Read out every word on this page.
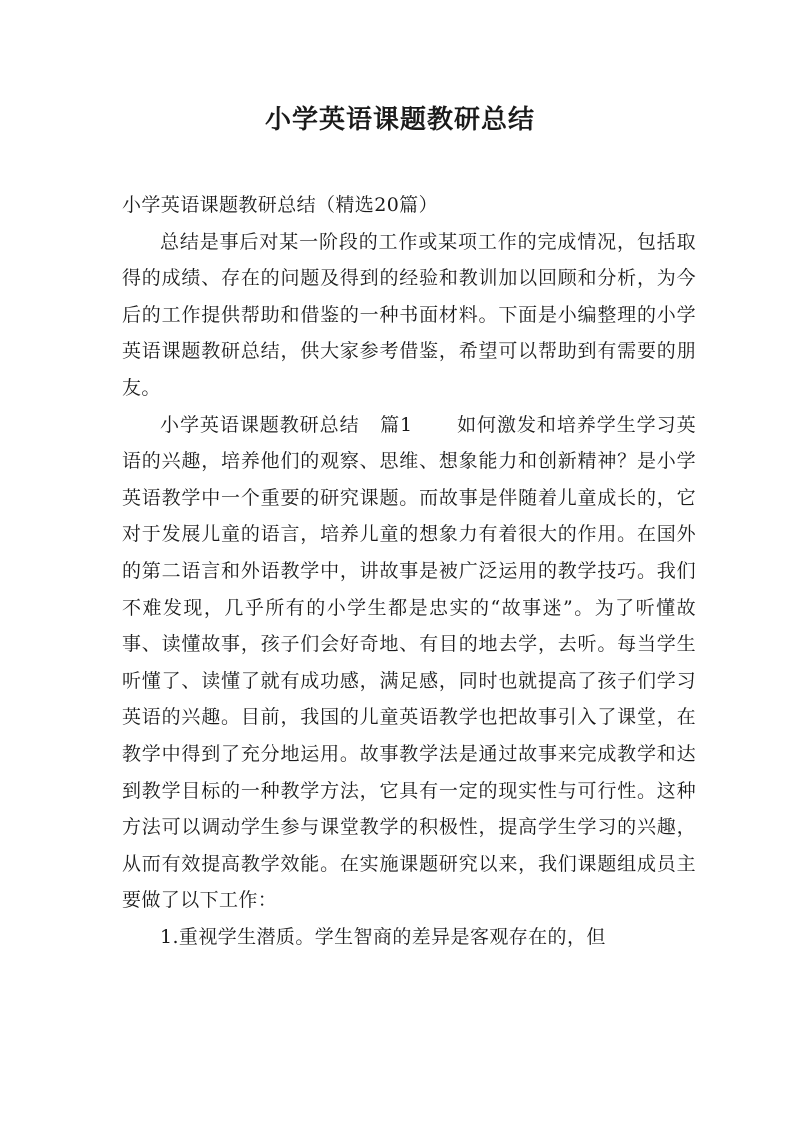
小学英语课题教研总结

小学英语课题教研总结（精选20篇）

总结是事后对某一阶段的工作或某项工作的完成情况，包括取得的成绩、存在的问题及得到的经验和教训加以回顾和分析，为今后的工作提供帮助和借鉴的一种书面材料。下面是小编整理的小学英语课题教研总结，供大家参考借鉴，希望可以帮助到有需要的朋友。

小学英语课题教研总结 篇1 如何激发和培养学生学习英语的兴趣，培养他们的观察、思维、想象能力和创新精神？是小学英语教学中一个重要的研究课题。而故事是伴随着儿童成长的，它对于发展儿童的语言，培养儿童的想象力有着很大的作用。在国外的第二语言和外语教学中，讲故事是被广泛运用的教学技巧。我们不难发现，几乎所有的小学生都是忠实的“故事迷”。为了听懂故事、读懂故事，孩子们会好奇地、有目的地去学，去听。每当学生听懂了、读懂了就有成功感，满足感，同时也就提高了孩子们学习英语的兴趣。目前，我国的儿童英语教学也把故事引入了课堂，在教学中得到了充分地运用。故事教学法是通过故事来完成教学和达到教学目标的一种教学方法，它具有一定的现实性与可行性。这种方法可以调动学生参与课堂教学的积极性，提高学生学习的兴趣，从而有效提高教学效能。在实施课题研究以来，我们课题组成员主要做了以下工作：

1.重视学生潜质。学生智商的差异是客观存在的，但
